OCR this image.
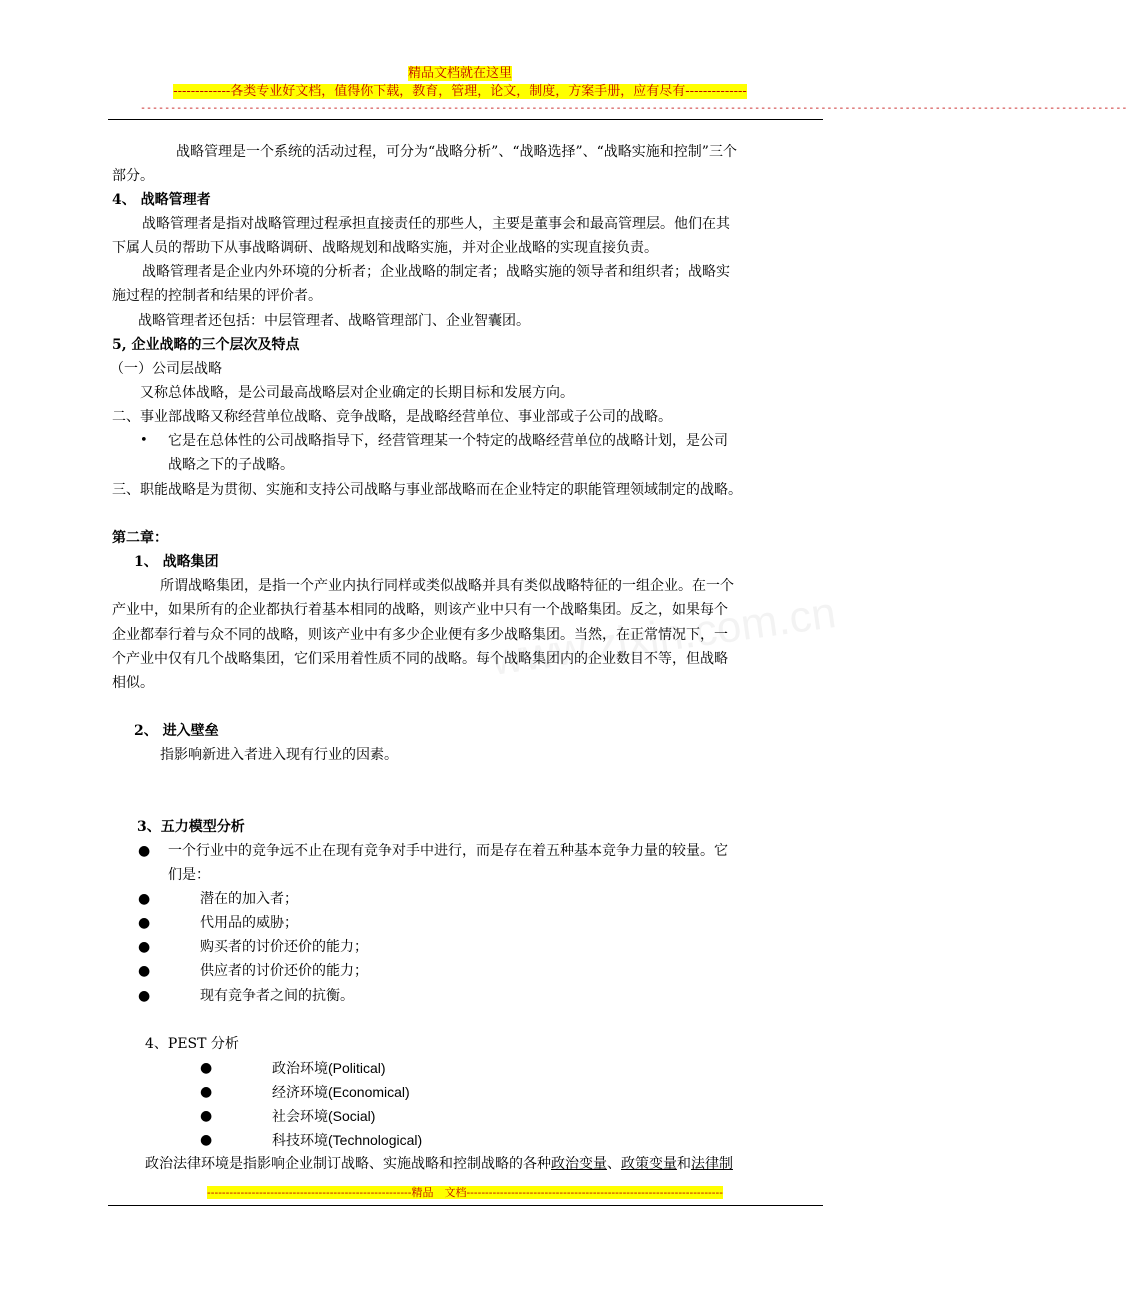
精品文档就在这里
-------------各类专业好文档，值得你下载，教育，管理，论文，制度，方案手册，应有尽有--------------
--------------------------------------------------------------------------------------------------------------------------------------------------------------------
战略管理是一个系统的活动过程，可分为“战略分析”、“战略选择”、“战略实施和控制”三个
部分。
4、 战略管理者
战略管理者是指对战略管理过程承担直接责任的那些人，主要是董事会和最高管理层。他们在其
下属人员的帮助下从事战略调研、战略规划和战略实施，并对企业战略的实现直接负责。
战略管理者是企业内外环境的分析者；企业战略的制定者；战略实施的领导者和组织者；战略实
施过程的控制者和结果的评价者。
战略管理者还包括：中层管理者、战略管理部门、企业智囊团。
5, 企业战略的三个层次及特点
（一）公司层战略
又称总体战略，是公司最高战略层对企业确定的长期目标和发展方向。
二、事业部战略又称经营单位战略、竞争战略，是战略经营单位、事业部或子公司的战略。
• 它是在总体性的公司战略指导下，经营管理某一个特定的战略经营单位的战略计划，是公司
战略之下的子战略。
三、职能战略是为贯彻、实施和支持公司战略与事业部战略而在企业特定的职能管理领域制定的战略。
第二章：
1、 战略集团
所谓战略集团，是指一个产业内执行同样或类似战略并具有类似战略特征的一组企业。在一个
产业中，如果所有的企业都执行着基本相同的战略，则该产业中只有一个战略集团。反之，如果每个
企业都奉行着与众不同的战略，则该产业中有多少企业便有多少战略集团。当然，在正常情况下，一
个产业中仅有几个战略集团，它们采用着性质不同的战略。每个战略集团内的企业数目不等，但战略
相似。
2、 进入壁垒
指影响新进入者进入现有行业的因素。
3、五力模型分析
● 一个行业中的竞争远不止在现有竞争对手中进行，而是存在着五种基本竞争力量的较量。它
们是：
●	潜在的加入者；
●	代用品的威胁；
●	购买者的讨价还价的能力；
●	供应者的讨价还价的能力；
●	现有竞争者之间的抗衡。
4、PEST 分析
●	政治环境(Political)
●	经济环境(Economical)
●	社会环境(Social)
●	科技环境(Technological)
政治法律环境是指影响企业制订战略、实施战略和控制战略的各种政治变量、政策变量和法律制
-------------------------------------------------------精品　文档---------------------------------------------------------------------
